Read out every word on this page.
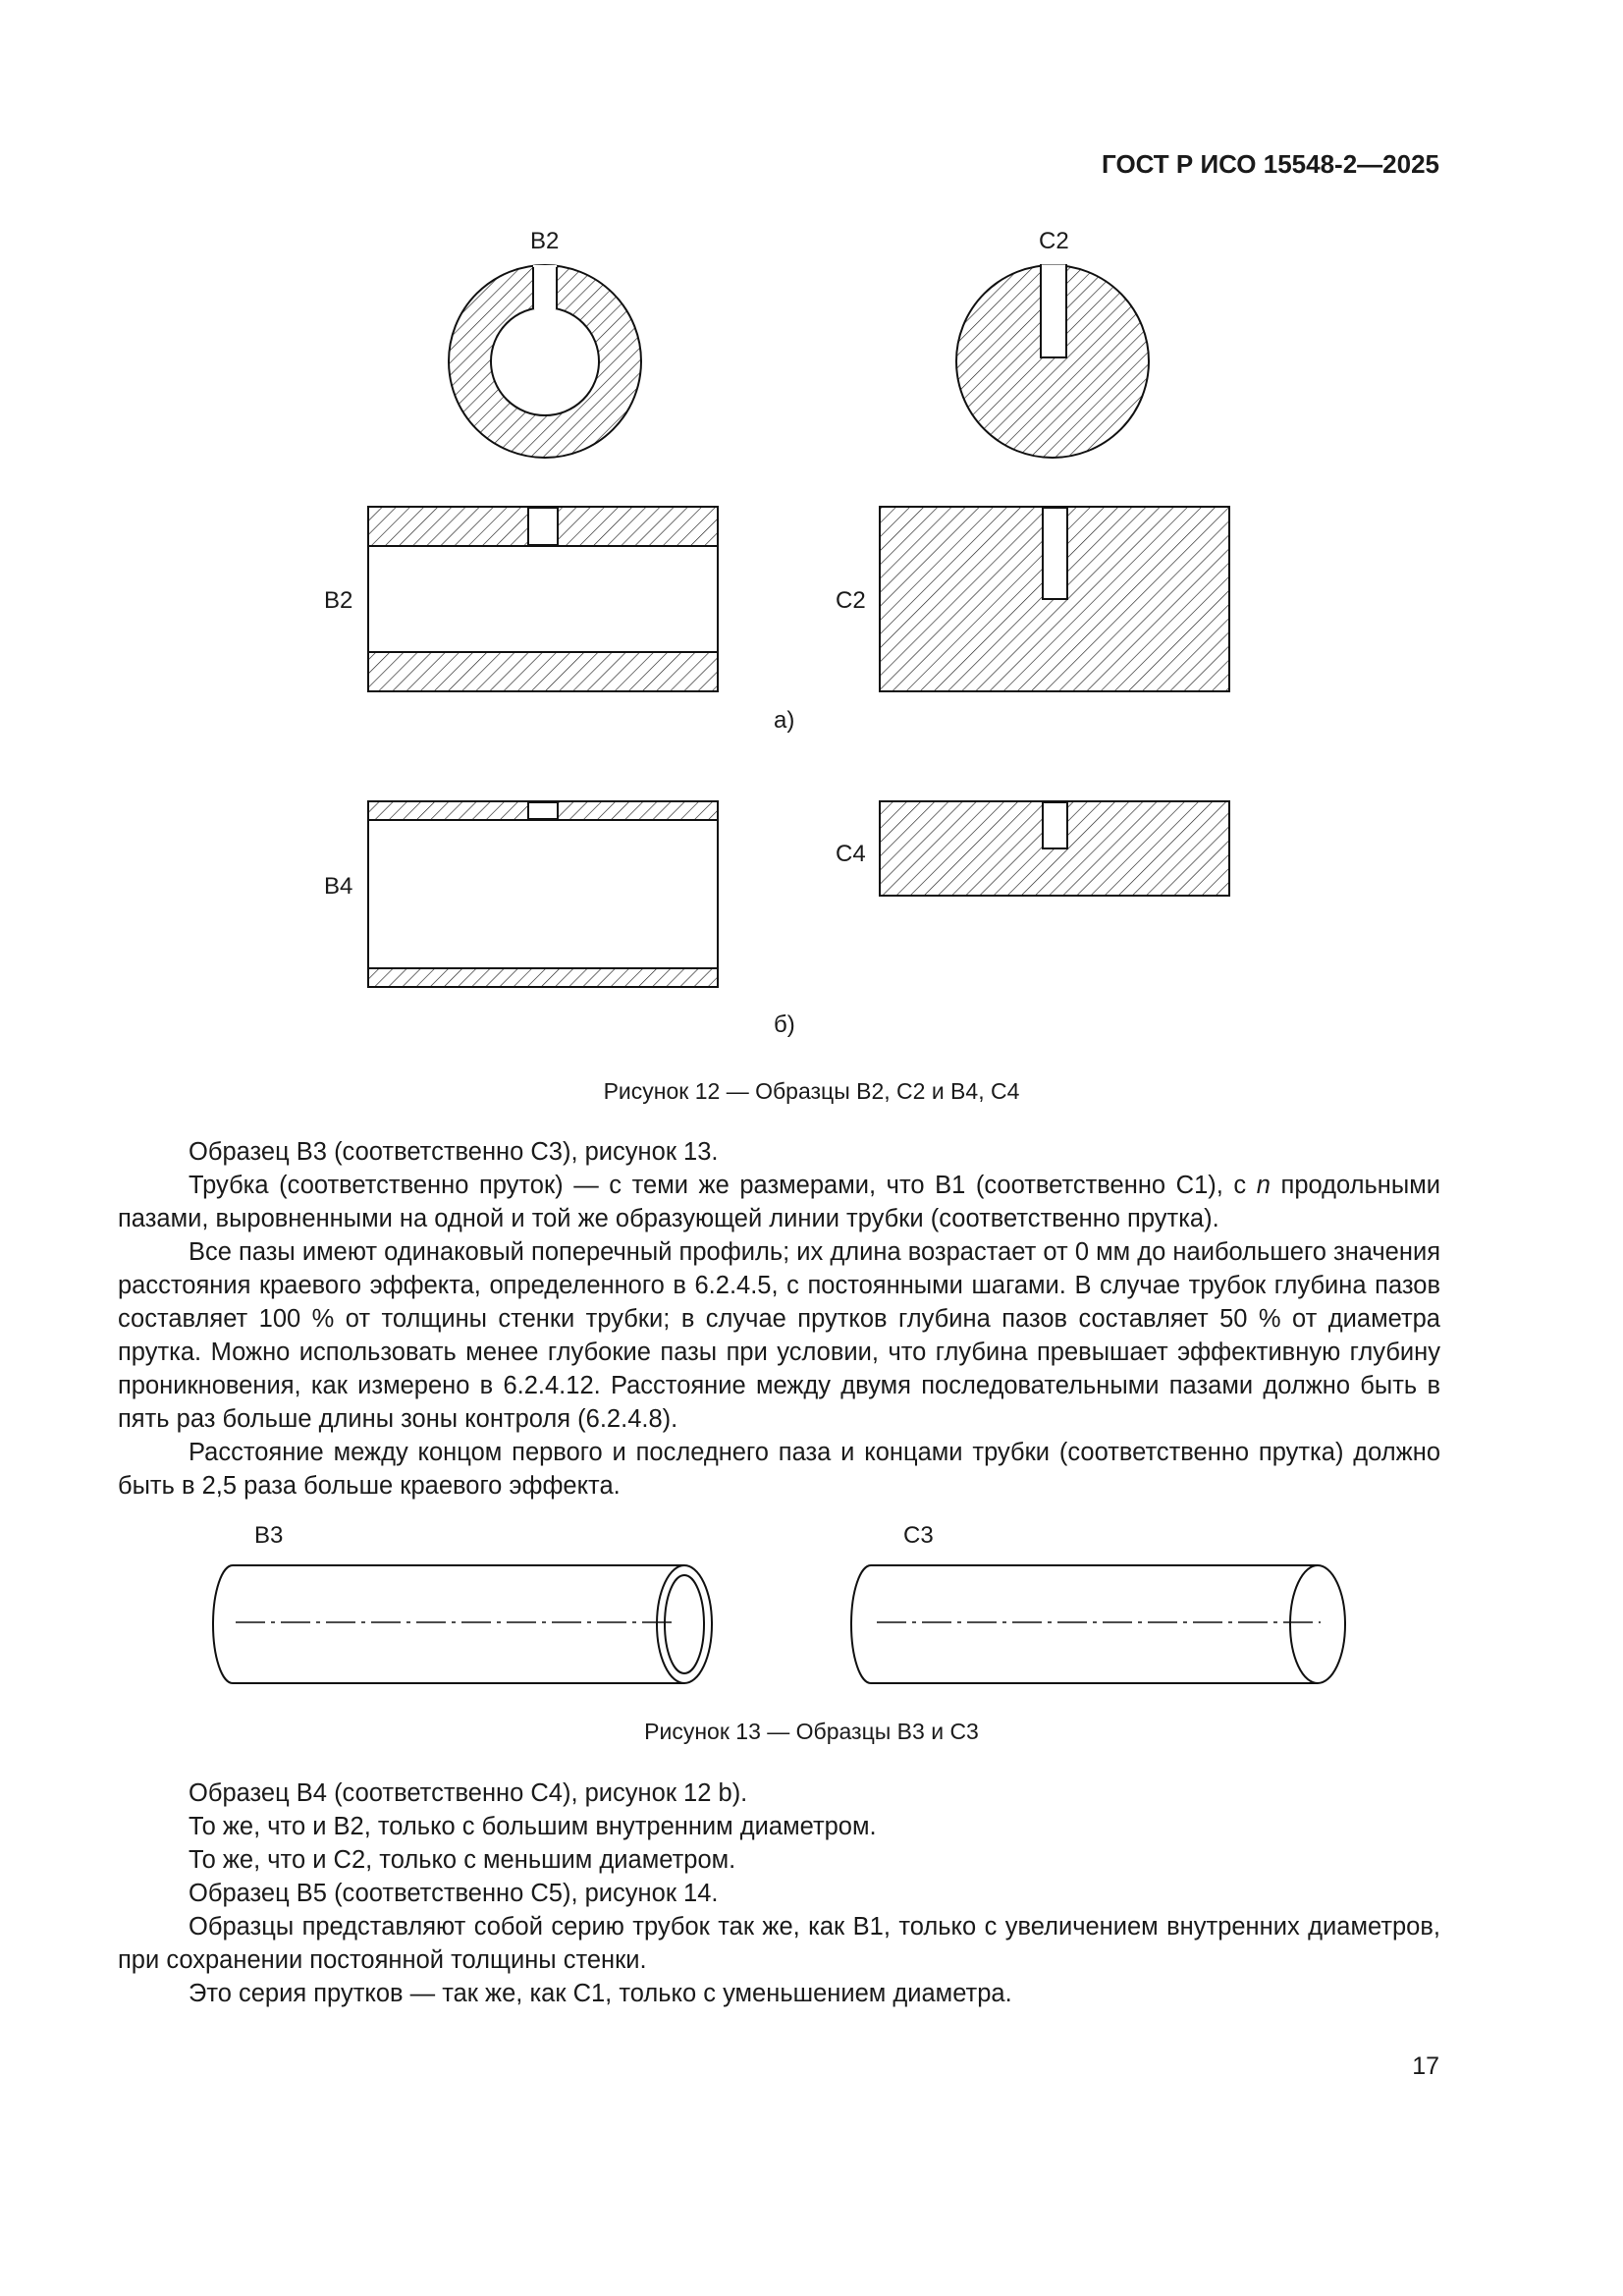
ГОСТ Р ИСО 15548-2—2025
B2	C2
B2	C2
а)
B4
C4
б)
Рисунок 12 — Образцы B2, C2 и B4, C4

Образец B3 (соответственно C3), рисунок 13.

Трубка (соответственно пруток) — с теми же размерами, что B1 (соответственно C1), с n продольными пазами, выровненными на одной и той же образующей линии трубки (соответственно прутка).

Все пазы имеют одинаковый поперечный профиль; их длина возрастает от 0 мм до наибольшего значения расстояния краевого эффекта, определенного в 6.2.4.5, с постоянными шагами. В случае трубок глубина пазов составляет 100 % от толщины стенки трубки; в случае прутков глубина пазов составляет 50 % от диаметра прутка. Можно использовать менее глубокие пазы при условии, что глубина превышает эффективную глубину проникновения, как измерено в 6.2.4.12. Расстояние между двумя последовательными пазами должно быть в пять раз больше длины зоны контроля (6.2.4.8).

Расстояние между концом первого и последнего паза и концами трубки (соответственно прутка) должно быть в 2,5 раза больше краевого эффекта.

B3	C3
Рисунок 13 — Образцы B3 и C3

Образец B4 (соответственно C4), рисунок 12 b).

То же, что и B2, только с большим внутренним диаметром.

То же, что и C2, только с меньшим диаметром.

Образец B5 (соответственно C5), рисунок 14.

Образцы представляют собой серию трубок так же, как B1, только с увеличением внутренних диаметров, при сохранении постоянной толщины стенки.

Это серия прутков — так же, как C1, только с уменьшением диаметра.

17
